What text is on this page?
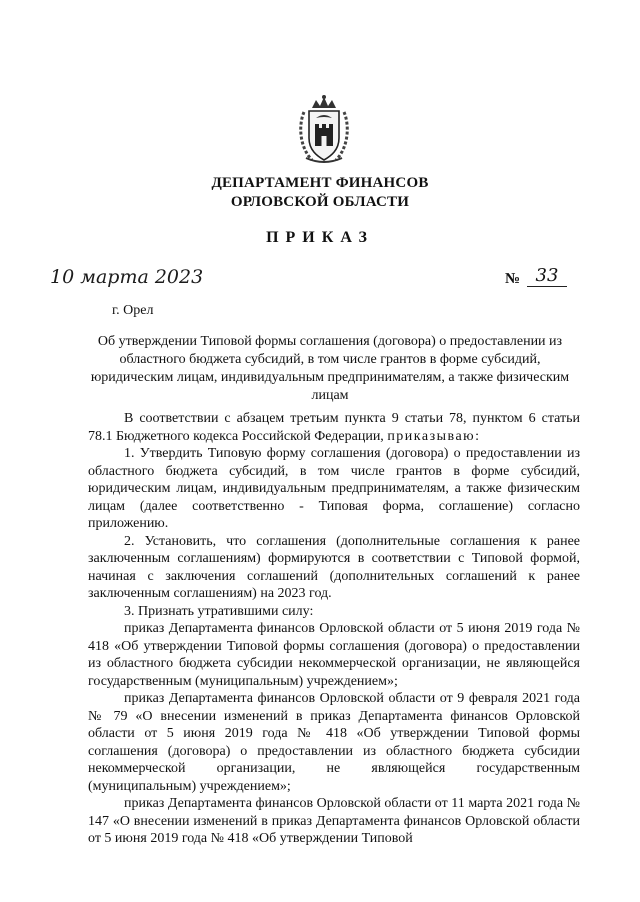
ДЕПАРТАМЕНТ ФИНАНСОВ
ОРЛОВСКОЙ ОБЛАСТИ
ПРИКАЗ
10 марта 2023	№ 33
г. Орел
Об утверждении Типовой формы соглашения (договора) о предоставлении из областного бюджета субсидий, в том числе грантов в форме субсидий, юридическим лицам, индивидуальным предпринимателям, а также физическим лицам

В соответствии с абзацем третьим пункта 9 статьи 78, пунктом 6 статьи 78.1 Бюджетного кодекса Российской Федерации, приказываю:

1. Утвердить Типовую форму соглашения (договора) о предоставлении из областного бюджета субсидий, в том числе грантов в форме субсидий, юридическим лицам, индивидуальным предпринимателям, а также физическим лицам (далее соответственно - Типовая форма, соглашение) согласно приложению.

2. Установить, что соглашения (дополнительные соглашения к ранее заключенным соглашениям) формируются в соответствии с Типовой формой, начиная с заключения соглашений (дополнительных соглашений к ранее заключенным соглашениям) на 2023 год.

3. Признать утратившими силу:

приказ Департамента финансов Орловской области от 5 июня 2019 года № 418 «Об утверждении Типовой формы соглашения (договора) о предоставлении из областного бюджета субсидии некоммерческой организации, не являющейся государственным (муниципальным) учреждением»;

приказ Департамента финансов Орловской области от 9 февраля 2021 года № 79 «О внесении изменений в приказ Департамента финансов Орловской области от 5 июня 2019 года № 418 «Об утверждении Типовой формы соглашения (договора) о предоставлении из областного бюджета субсидии некоммерческой организации, не являющейся государственным (муниципальным) учреждением»;

приказ Департамента финансов Орловской области от 11 марта 2021 года № 147 «О внесении изменений в приказ Департамента финансов Орловской области от 5 июня 2019 года № 418 «Об утверждении Типовой
